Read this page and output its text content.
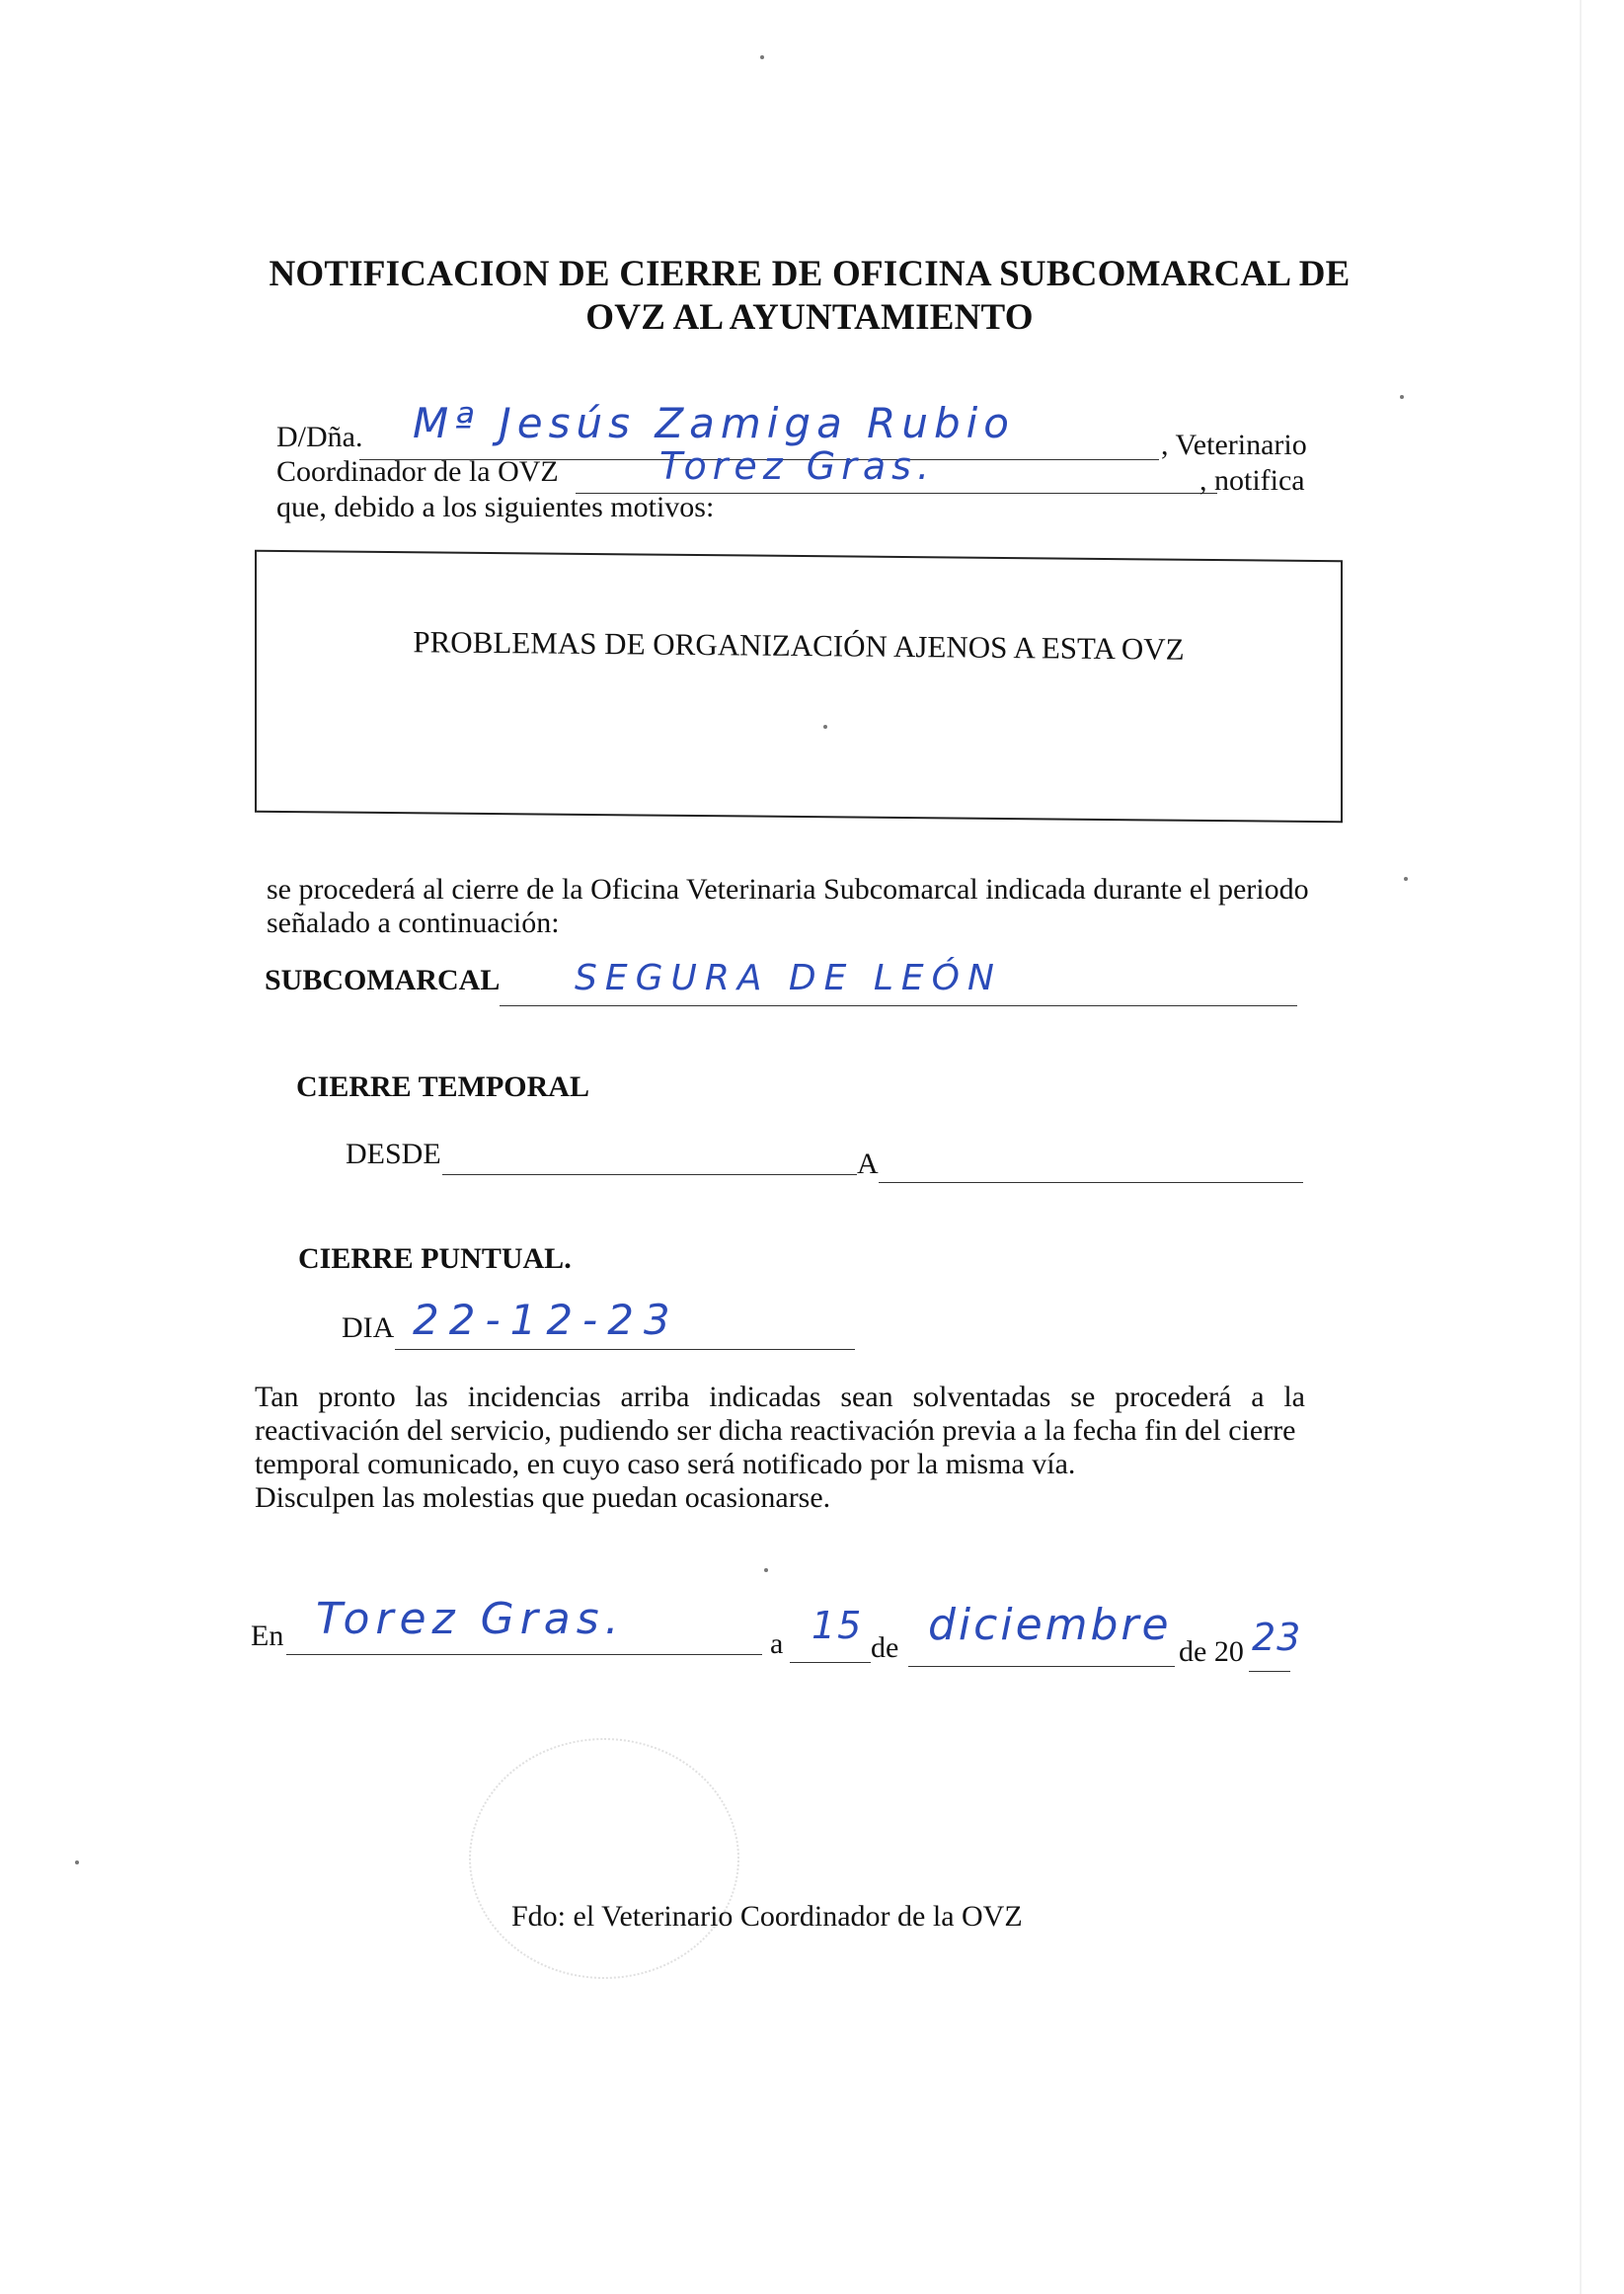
NOTIFICACION DE CIERRE DE OFICINA SUBCOMARCAL DE
OVZ AL AYUNTAMIENTO
D/Dña. Mª Jesús Zamiga Rubio	, Veterinario
Coordinador de la OVZ	Torez Gras.	, notifica
que, debido a los siguientes motivos:
PROBLEMAS DE ORGANIZACIÓN AJENOS A ESTA OVZ
se procederá al cierre de la Oficina Veterinaria Subcomarcal indicada durante el periodo
señalado a continuación:
SUBCOMARCAL SEGURA DE LEÓN
CIERRE TEMPORAL
DESDE	A
CIERRE PUNTUAL.
DIA 22-12-23
Tan pronto las incidencias arriba indicadas sean solventadas se procederá a la
reactivación del servicio, pudiendo ser dicha reactivación previa a la fecha fin del cierre
temporal comunicado, en cuyo caso será notificado por la misma vía.
Disculpen las molestias que puedan ocasionarse.
En Torez Gras.	a 15
de diciembre
de 20 23
Fdo: el Veterinario Coordinador de la OVZ
